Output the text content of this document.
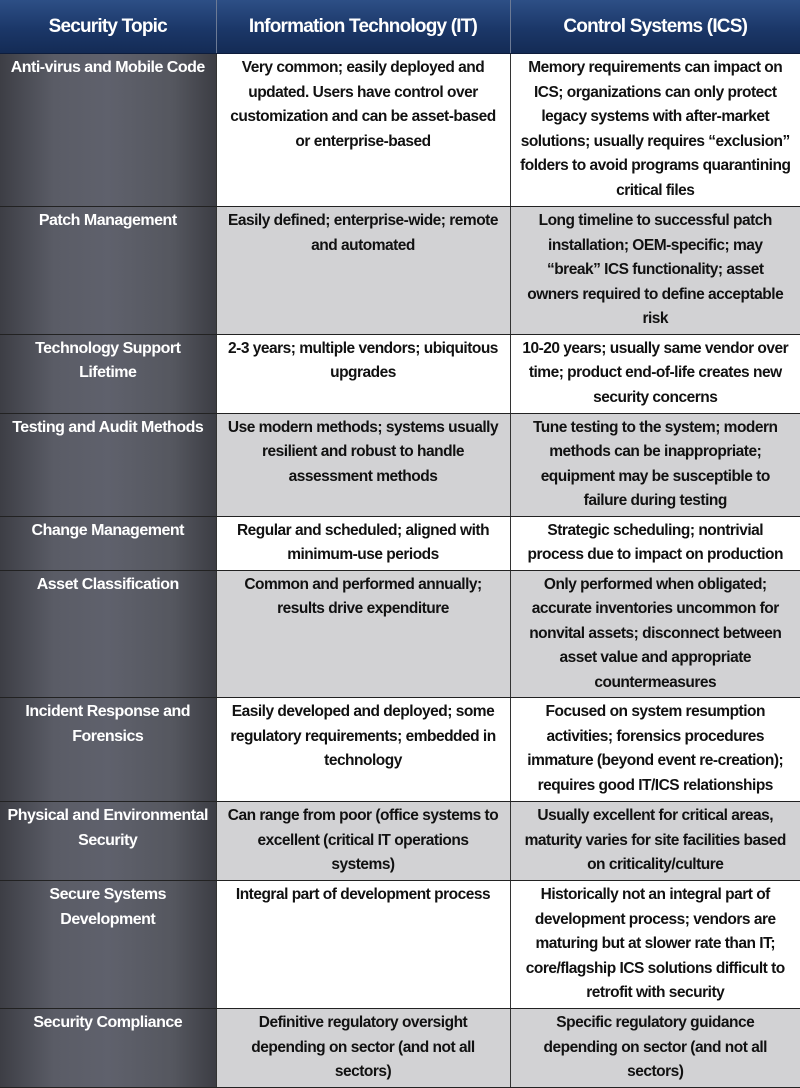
Security Topic	Information Technology (IT)	Control Systems (ICS)
Anti-virus and Mobile Code	Very common; easily deployed and updated. Users have control over customization and can be asset-based or enterprise-based	Memory requirements can impact on ICS; organizations can only protect legacy systems with after-market solutions; usually requires “exclusion” folders to avoid programs quarantining critical files
Patch Management	Easily defined; enterprise-wide; remote and automated	Long timeline to successful patch installation; OEM-specific; may “break” ICS functionality; asset owners required to define acceptable risk
Technology Support Lifetime	2-3 years; multiple vendors; ubiquitous upgrades	10-20 years; usually same vendor over time; product end-of-life creates new security concerns
Testing and Audit Methods	Use modern methods; systems usually resilient and robust to handle assessment methods	Tune testing to the system; modern methods can be inappropriate; equipment may be susceptible to failure during testing
Change Management	Regular and scheduled; aligned with minimum-use periods	Strategic scheduling; nontrivial process due to impact on production
Asset Classification	Common and performed annually; results drive expenditure	Only performed when obligated; accurate inventories uncommon for nonvital assets; disconnect between asset value and appropriate countermeasures
Incident Response and Forensics	Easily developed and deployed; some regulatory requirements; embedded in technology	Focused on system resumption activities; forensics procedures immature (beyond event re-creation); requires good IT/ICS relationships
Physical and Environmental Security	Can range from poor (office systems to excellent (critical IT operations systems)	Usually excellent for critical areas, maturity varies for site facilities based on criticality/culture
Secure Systems Development	Integral part of development process	Historically not an integral part of development process; vendors are maturing but at slower rate than IT; core/flagship ICS solutions difficult to retrofit with security
Security Compliance	Definitive regulatory oversight depending on sector (and not all sectors)	Specific regulatory guidance depending on sector (and not all sectors)
